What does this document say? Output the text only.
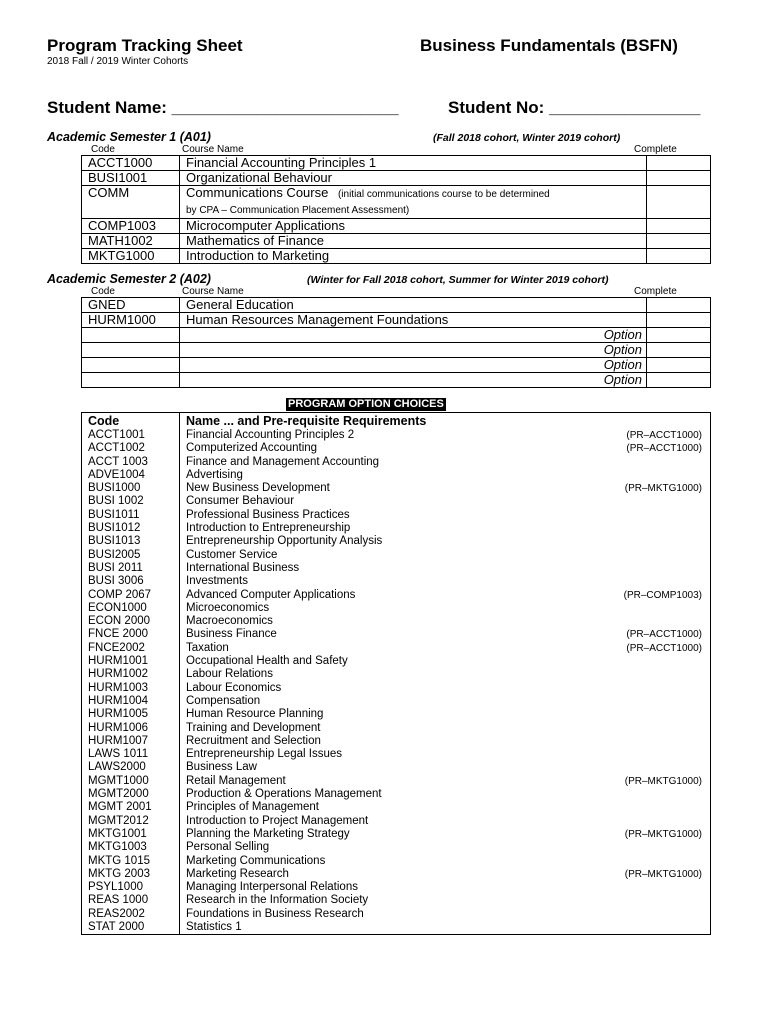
Program Tracking Sheet	Business Fundamentals (BSFN)
2018 Fall / 2019 Winter Cohorts
Student Name: ________________________	Student No: ________________
Academic Semester 1 (A01)	(Fall 2018 cohort, Winter 2019 cohort)
Code	Course Name	Complete
ACCT1000	Financial Accounting Principles 1	
BUSI1001	Organizational Behaviour	
COMM	Communications Course (initial communications course to be determined
by CPA – Communication Placement Assessment)	
COMP1003	Microcomputer Applications	
MATH1002	Mathematics of Finance	
MKTG1000	Introduction to Marketing	
Academic Semester 2 (A02)	(Winter for Fall 2018 cohort, Summer for Winter 2019 cohort)
Code	Course Name	Complete
GNED	General Education	
HURM1000	Human Resources Management Foundations	
	Option	
	Option	
	Option	
	Option	
PROGRAM OPTION CHOICES
Code	Name ... and Pre-requisite Requirements	
ACCT1001	Financial Accounting Principles 2	(PR–ACCT1000)
ACCT1002	Computerized Accounting	(PR–ACCT1000)
ACCT 1003	Finance and Management Accounting	
ADVE1004	Advertising	
BUSI1000	New Business Development	(PR–MKTG1000)
BUSI 1002	Consumer Behaviour	
BUSI1011	Professional Business Practices	
BUSI1012	Introduction to Entrepreneurship	
BUSI1013	Entrepreneurship Opportunity Analysis	
BUSI2005	Customer Service	
BUSI 2011	International Business	
BUSI 3006	Investments	
COMP 2067	Advanced Computer Applications	(PR–COMP1003)
ECON1000	Microeconomics	
ECON 2000	Macroeconomics	
FNCE 2000	Business Finance	(PR–ACCT1000)
FNCE2002	Taxation	(PR–ACCT1000)
HURM1001	Occupational Health and Safety	
HURM1002	Labour Relations	
HURM1003	Labour Economics	
HURM1004	Compensation	
HURM1005	Human Resource Planning	
HURM1006	Training and Development	
HURM1007	Recruitment and Selection	
LAWS 1011	Entrepreneurship Legal Issues	
LAWS2000	Business Law	
MGMT1000	Retail Management	(PR–MKTG1000)
MGMT2000	Production & Operations Management	
MGMT 2001	Principles of Management	
MGMT2012	Introduction to Project Management	
MKTG1001	Planning the Marketing Strategy	(PR–MKTG1000)
MKTG1003	Personal Selling	
MKTG 1015	Marketing Communications	
MKTG 2003	Marketing Research	(PR–MKTG1000)
PSYL1000	Managing Interpersonal Relations	
REAS 1000	Research in the Information Society	
REAS2002	Foundations in Business Research	
STAT 2000	Statistics 1	
